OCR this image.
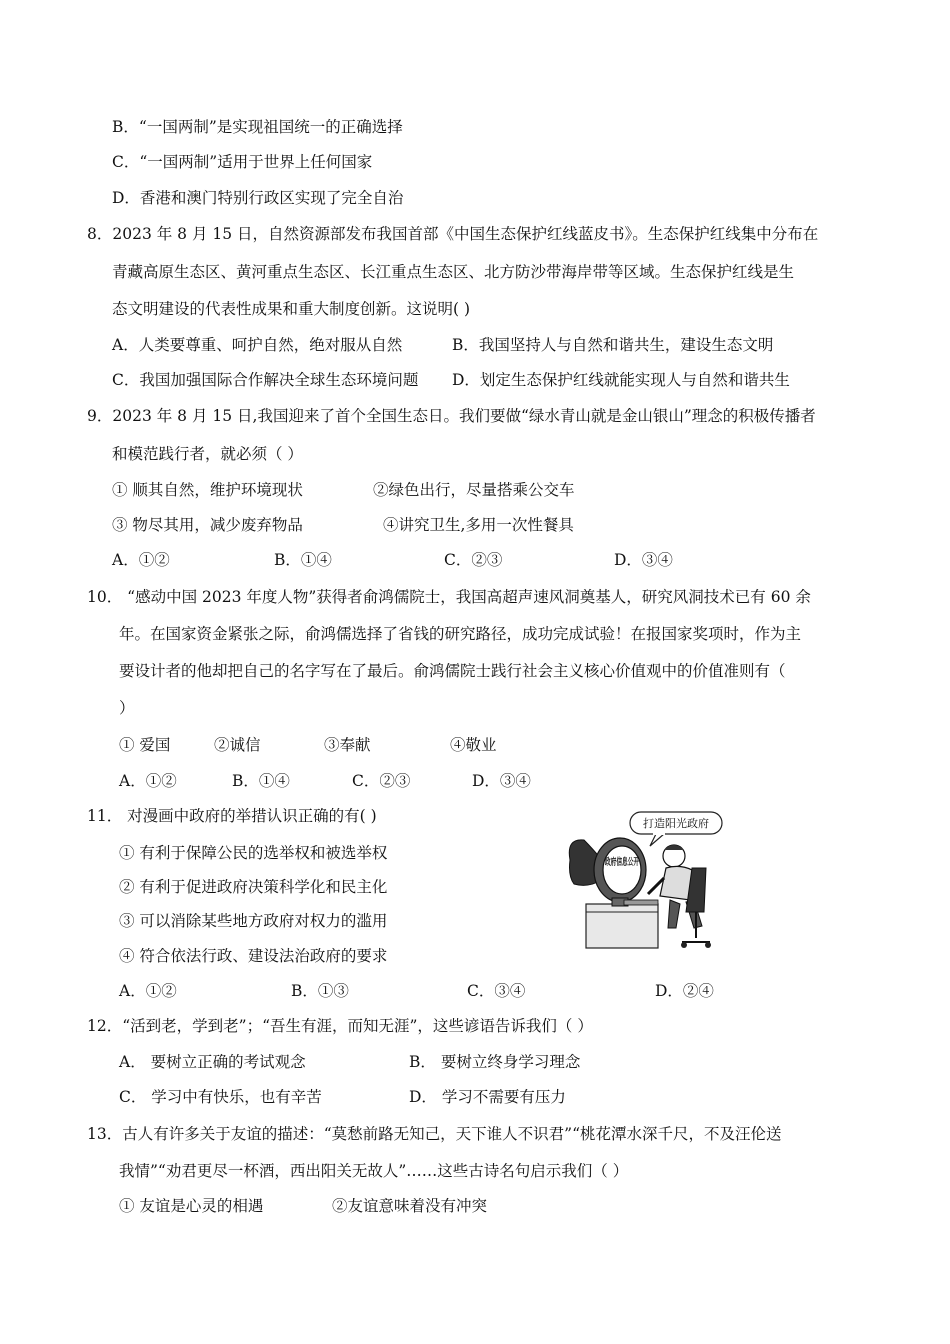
B．“一国两制”是实现祖国统一的正确选择
C．“一国两制”适用于世界上任何国家
D．香港和澳门特别行政区实现了完全自治
8．2023 年 8 月 15 日，自然资源部发布我国首部《中国生态保护红线蓝皮书》。生态保护红线集中分布在
青藏高原生态区、黄河重点生态区、长江重点生态区、北方防沙带海岸带等区域。生态保护红线是生
态文明建设的代表性成果和重大制度创新。这说明( )
A．人类要尊重、呵护自然，绝对服从自然	B．我国坚持人与自然和谐共生，建设生态文明
C．我国加强国际合作解决全球生态环境问题 D．划定生态保护红线就能实现人与自然和谐共生
9．2023 年 8 月 15 日,我国迎来了首个全国生态日。我们要做“绿水青山就是金山银山”理念的积极传播者
和模范践行者，就必须（ ）
① 顺其自然，维护环境现状	②绿色出行，尽量搭乘公交车
③ 物尽其用，减少废弃物品	④讲究卫生,多用一次性餐具
A．①②	B．①④	C．②③	D．③④
10． “感动中国 2023 年度人物”获得者俞鸿儒院士，我国高超声速风洞奠基人，研究风洞技术已有 60 余
年。在国家资金紧张之际，俞鸿儒选择了省钱的研究路径，成功完成试验！在报国家奖项时，作为主
要设计者的他却把自己的名字写在了最后。俞鸿儒院士践行社会主义核心价值观中的价值准则有（
）
① 爱国	②诚信	③奉献	④敬业
A．①②	B．①④	C．②③	D．③④
11． 对漫画中政府的举措认识正确的有( )
① 有利于保障公民的选举权和被选举权
② 有利于促进政府决策科学化和民主化
③ 可以消除某些地方政府对权力的滥用
④ 符合依法行政、建设法治政府的要求
打造阳光政府
政府信息公开
A．①②	B．①③	C．③④	D．②④
12．“活到老，学到老”；“吾生有涯，而知无涯”，这些谚语告诉我们（ ）
A． 要树立正确的考试观念	B． 要树立终身学习理念
C． 学习中有快乐，也有辛苦	D． 学习不需要有压力
13．古人有许多关于友谊的描述：“莫愁前路无知己，天下谁人不识君”“桃花潭水深千尺，不及汪伦送
我情”“劝君更尽一杯酒，西出阳关无故人”……这些古诗名句启示我们（ ）
① 友谊是心灵的相遇	②友谊意味着没有冲突
